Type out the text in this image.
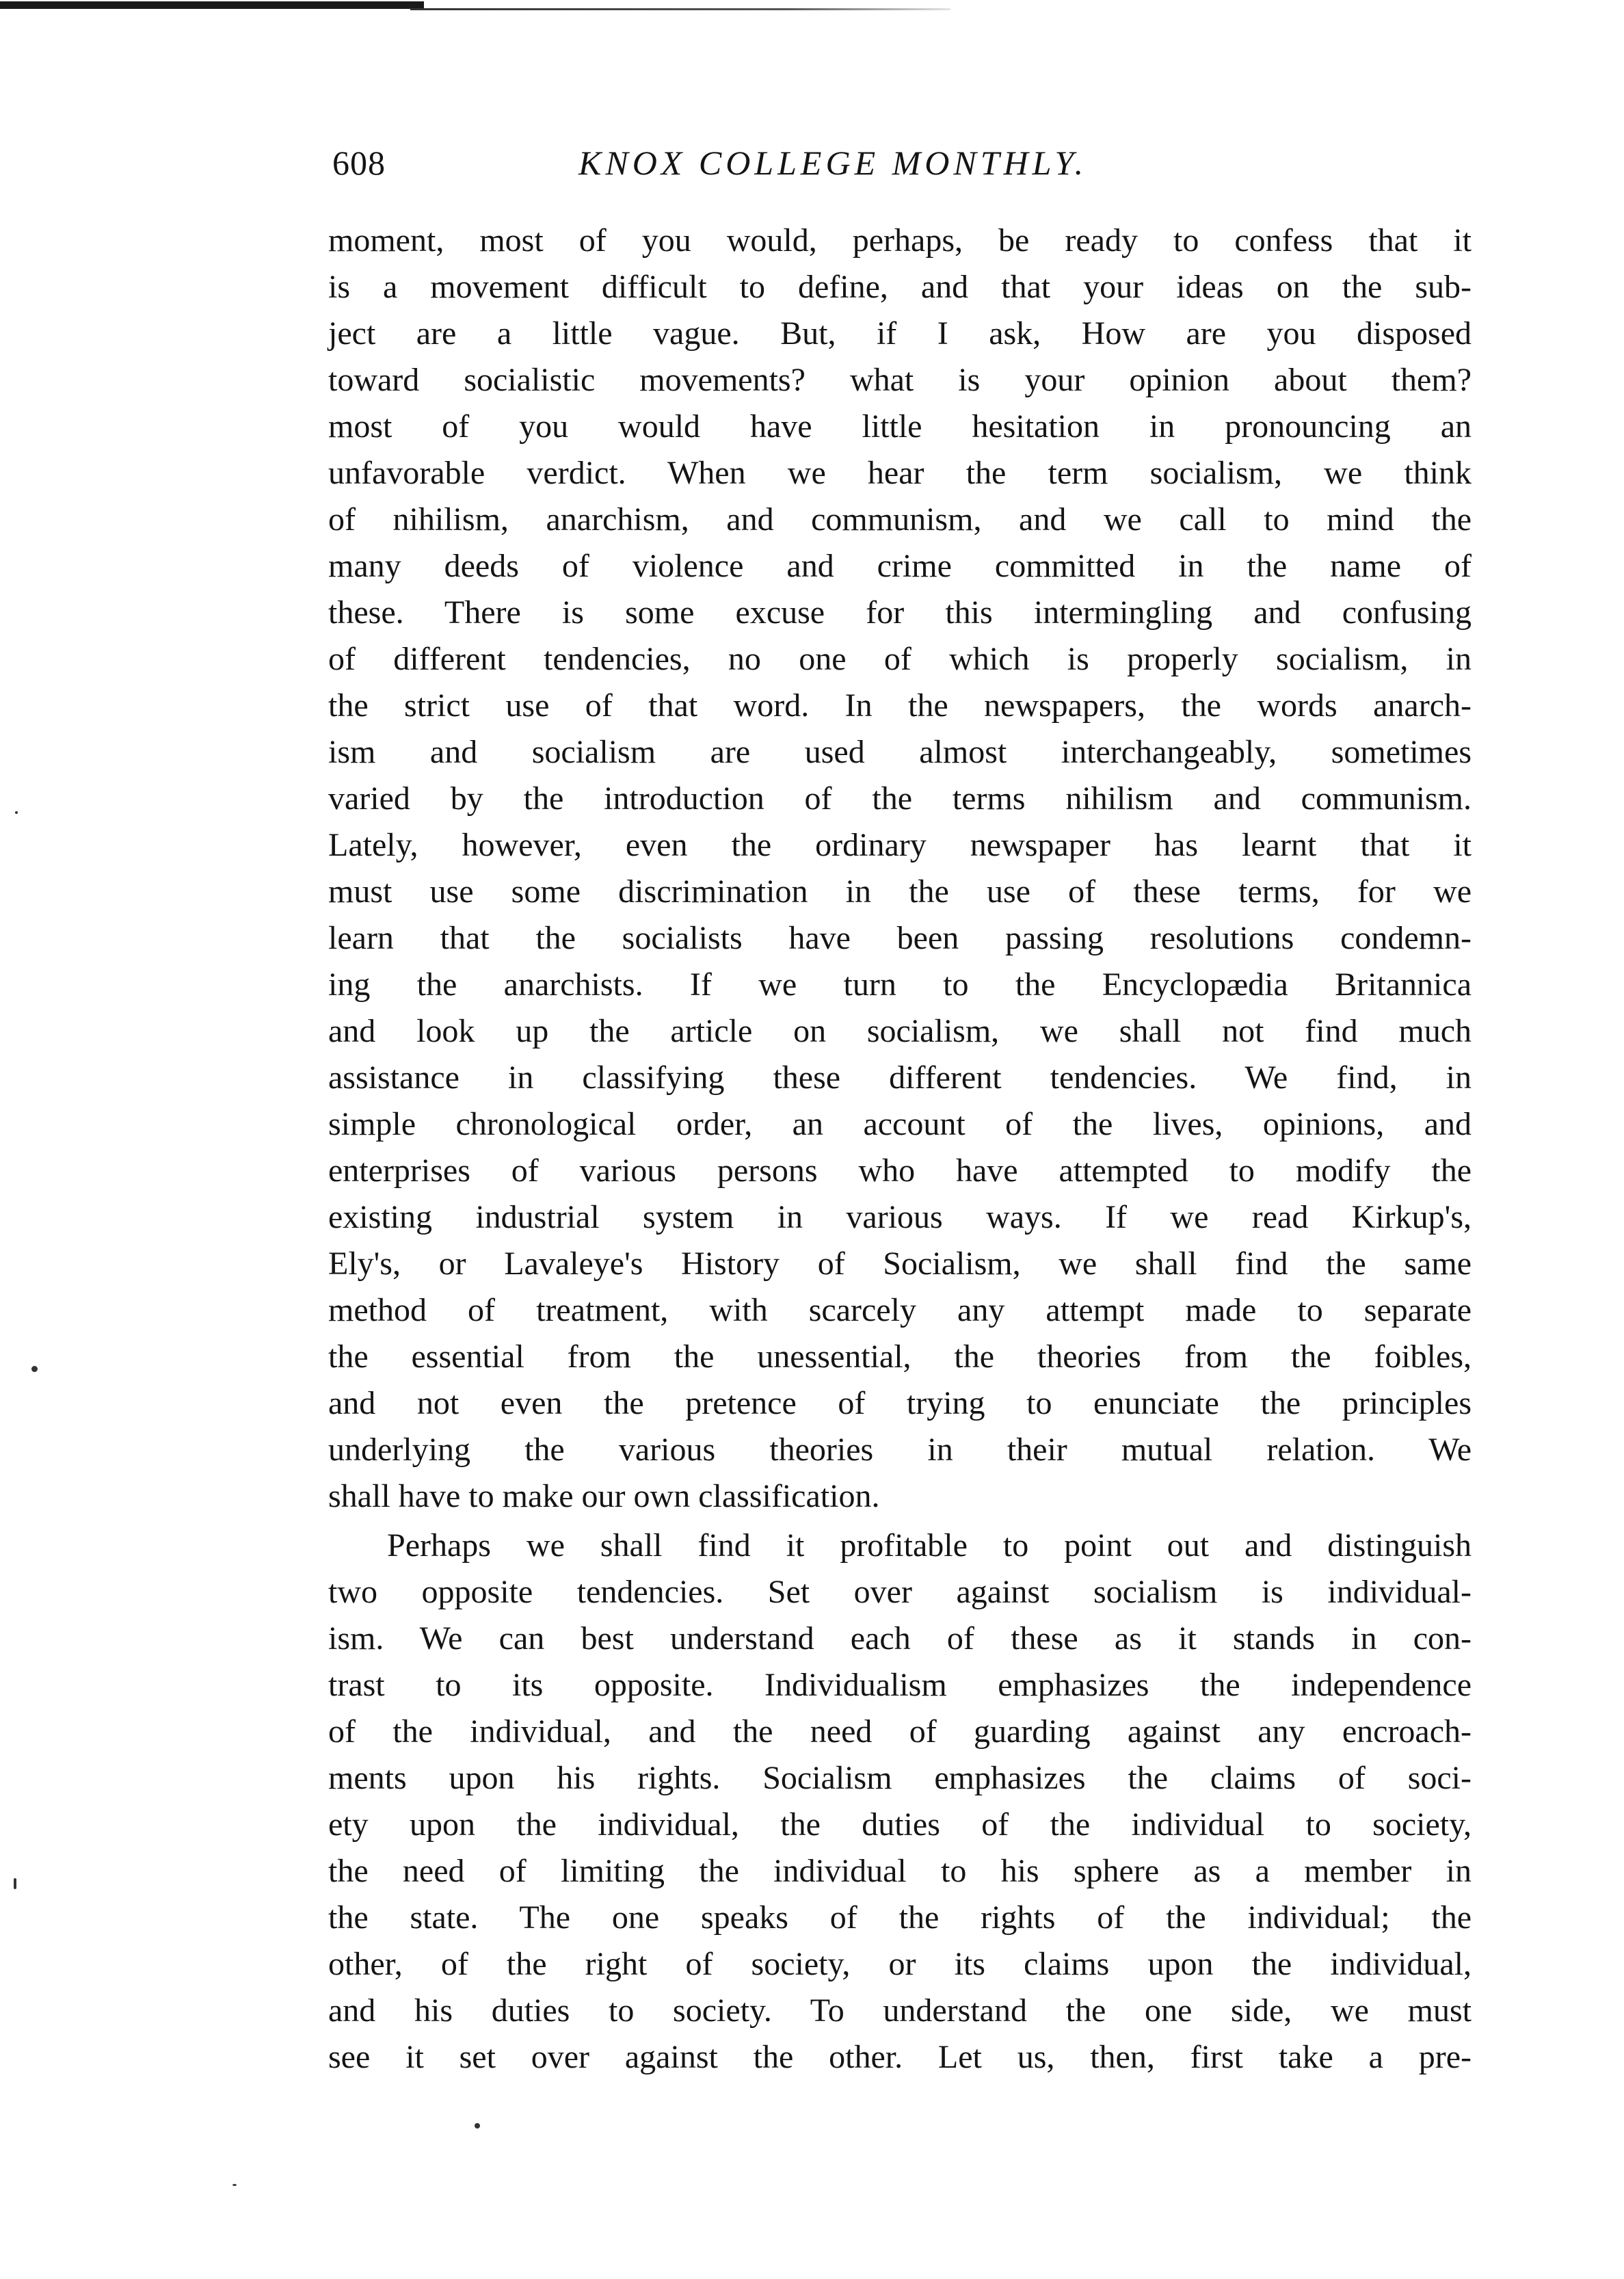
608	KNOX COLLEGE MONTHLY.
moment, most of you would, perhaps, be ready to confess that it
is a movement difficult to define, and that your ideas on the sub-
ject are a little vague. But, if I ask, How are you disposed
toward socialistic movements? what is your opinion about them?
most of you would have little hesitation in pronouncing an
unfavorable verdict. When we hear the term socialism, we think
of nihilism, anarchism, and communism, and we call to mind the
many deeds of violence and crime committed in the name of
these. There is some excuse for this intermingling and confusing
of different tendencies, no one of which is properly socialism, in
the strict use of that word. In the newspapers, the words anarch-
ism and socialism are used almost interchangeably, sometimes
varied by the introduction of the terms nihilism and communism.
Lately, however, even the ordinary newspaper has learnt that it
must use some discrimination in the use of these terms, for we
learn that the socialists have been passing resolutions condemn-
ing the anarchists. If we turn to the Encyclopædia Britannica
and look up the article on socialism, we shall not find much
assistance in classifying these different tendencies. We find, in
simple chronological order, an account of the lives, opinions, and
enterprises of various persons who have attempted to modify the
existing industrial system in various ways. If we read Kirkup's,
Ely's, or Lavaleye's History of Socialism, we shall find the same
method of treatment, with scarcely any attempt made to separate
the essential from the unessential, the theories from the foibles,
and not even the pretence of trying to enunciate the principles
underlying the various theories in their mutual relation. We
shall have to make our own classification.
Perhaps we shall find it profitable to point out and distinguish
two opposite tendencies. Set over against socialism is individual-
ism. We can best understand each of these as it stands in con-
trast to its opposite. Individualism emphasizes the independence
of the individual, and the need of guarding against any encroach-
ments upon his rights. Socialism emphasizes the claims of soci-
ety upon the individual, the duties of the individual to society,
the need of limiting the individual to his sphere as a member in
the state. The one speaks of the rights of the individual; the
other, of the right of society, or its claims upon the individual,
and his duties to society. To understand the one side, we must
see it set over against the other. Let us, then, first take a pre-
